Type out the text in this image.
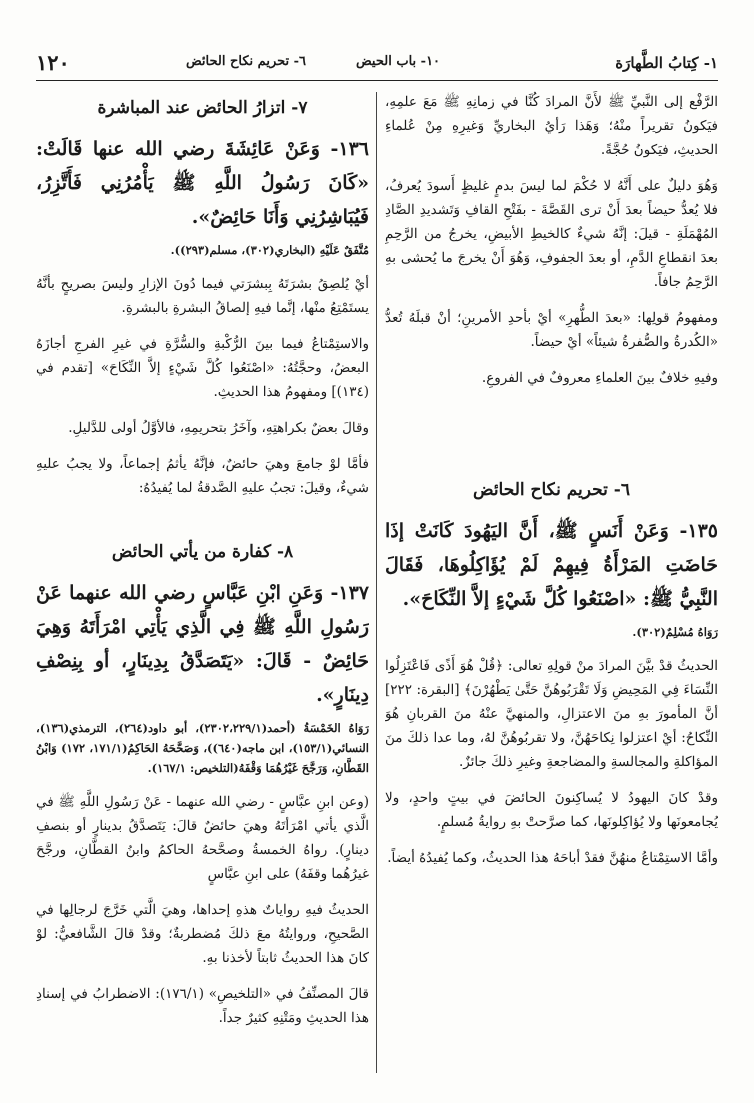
١- كِتابُ الطَّهارَة
١٠- باب الحيض
٦- تحريم نكاح الحائض
١٢٠

الرَّفْع إلى النَّبيِّ ﷺ لأَنَّ المرادَ كُنَّا في زمانِهِ ﷺ مَعَ علمِهِ، فيَكونُ تقريراً منْهُ؛ وَهَذا رَأيُ البخاريِّ وَغيرِهِ مِنْ عُلماءِ الحديثِ، فيَكونُ حُجَّةً.

وَهُوَ دليلٌ على أَنَّهُ لا حُكْمَ لما ليسَ بدمٍ غليظٍ أَسودَ يُعرفُ، فلا يُعدُّ حيضاً بعدَ أَنْ ترى القَصَّةَ - بفَتْحِ القافِ وَتَشديدِ الصَّادِ المُهْمَلَةِ - قيلَ: إنَّهُ شيءٌ كالخيطِ الأبيضِ، يخرجُ من الرَّحِمِ بعدَ انقطاعِ الدَّمِ، أو بعدَ الجفوفِ، وَهُوَ أَنْ يخرجَ ما يُحشى بهِ الرَّحِمُ جافاً.

ومفهومُ قولِها: «بعدَ الطُّهرِ» أيْ بأحدِ الأمرينِ؛ أنْ قبلَهُ تُعدُّ «الكُدرةُ والصُّفرةُ شيئاً» أيْ حيضاً.

وفيهِ خلافٌ بينَ العلماءِ معروفٌ في الفروعِ.

٦- تحريم نكاح الحائض

١٣٥- وَعَنْ أَنَسٍ ﷺ، أَنَّ اليَهُودَ كَانَتْ إذَا حَاضَتِ المَرْأَةُ فِيهِمْ لَمْ يُؤَاكِلُوهَا، فَقَالَ النَّبِيُّ ﷺ: «اصْنَعُوا كُلَّ شَيْءٍ إلاَّ النِّكَاحَ».

رَوَاهُ مُسْلِمٌ(٣٠٢).

الحديثُ قدْ بيَّنَ المرادَ منْ قولِهِ تعالى: ﴿قُلْ هُوَ أَذًى فَاعْتَزِلُوا النِّسَاءَ فِي المَحِيضِ وَلَا تَقْرَبُوهُنَّ حَتَّىٰ يَطْهُرْنَ﴾ [البقرة: ٢٢٢] أنَّ المأمورَ بهِ منَ الاعتزالِ، والمنهيَّ عنْهُ منَ القربانِ هُوَ النِّكاحُ: أيْ اعتزلوا نِكاحَهُنَّ، ولا تقربُوهُنَّ لهُ، وما عدا ذلكَ منَ المؤاكلةِ والمجالسةِ والمضاجعةِ وغيرِ ذلكَ جائزٌ.

وقدْ كانَ اليهودُ لا يُساكِنونَ الحائضَ في بيتٍ واحدٍ، ولا يُجامعونَها ولا يُؤاكِلونَها، كما صرَّحتْ بهِ روايةُ مُسلمٍ.

وأمَّا الاستِمْتاعُ منهُنَّ فقدْ أباحَهُ هذا الحديثُ، وكما يُفيدُهُ أيضاً.

٧- اتزارُ الحائض عند المباشرة

١٣٦- وَعَنْ عَائِشَةَ رضي الله عنها قَالَتْ: «كَانَ رَسُولُ اللَّهِ ﷺ يَأْمُرُنِي فَأَتَّزِرُ، فَيُبَاشِرُنِي وَأَنَا حَائِضٌ».

مُتَّفَقٌ عَلَيْهِ (البخاري(٣٠٢)، مسلم(٢٩٣)).

أيْ يُلصِقُ بشرَتَهُ بِبشرَتي فيما دُونَ الإزارِ وليسَ بصريحٍ بأنَّهُ يستَمْتِعُ منْها، إنَّما فيهِ إلصاقُ البشرةِ بالبشرةِ.

والاستِمْتاعُ فيما بينَ الرُّكْبةِ والسُّرَّةِ في غيرِ الفرجِ أجازَهُ البعضُ، وحجَّتُهُ: «اصْنَعُوا كُلَّ شَيْءٍ إلاَّ النِّكَاحَ» [تقدم في (١٣٤)] ومفهومُ هذا الحديثِ.

وقالَ بعضٌ بكراهتِهِ، وآخَرُ بتحريمِهِ، فالأوَّلُ أولى للدَّليلِ.

فأمَّا لوْ جامعَ وهيَ حائضٌ، فإنَّهُ يأثمُ إجماعاً، ولا يجبُ عليهِ شيءٌ، وقيلَ: تجبُ عليهِ الصَّدقةُ لما يُفيدُهُ:

٨- كفارة من يأتي الحائض

١٣٧- وَعَنِ ابْنِ عَبَّاسٍ رضي الله عنهما عَنْ رَسُولِ اللَّهِ ﷺ فِي الَّذِي يَأْتِي امْرَأَتَهُ وَهِيَ حَائِضٌ - قَالَ: «يَتَصَدَّقُ بِدِينَارٍ، أو بِنِصْفِ دِينَارٍ».

رَوَاهُ الخَمْسَةُ (أحمد(٢٣٠٢،٢٢٩/١)، أبو داود(٢٦٤)، الترمذي(١٣٦)، النسائي(١٥٣/١)، ابن ماجه(٦٤٠))، وَصَحَّحَهُ الحَاكِمُ(١٧١/١، ١٧٢) وَابْنُ القَطَّانِ، وَرَجَّحَ غَيْرُهُمَا وَقْفَهُ(التلخيص: ١٦٧/١).

(وعن ابنِ عبَّاسٍ - رضي الله عنهما - عَنْ رَسُولِ اللَّهِ ﷺ في الَّذي يأتي امْرَأتَهُ وهيَ حائضٌ قالَ: يَتَصدَّقُ بدينارٍ أو بنصفِ دينارٍ). رواهُ الخمسةُ وصحَّحهُ الحاكمُ وابنُ القطَّانِ، ورجَّحَ غيرُهُما وقفَهُ) على ابنِ عبَّاسٍ

الحديثُ فيهِ رواياتٌ هذهِ إحداها، وهيَ الَّتي خَرَّجَ لرجالِها في الصَّحيحِ، وروايتُهُ معَ ذلكَ مُضطربةٌ؛ وقدْ قالَ الشَّافعيُّ: لوْ كانَ هذا الحديثُ ثابتاً لأخذنا بهِ.

قالَ المصنِّفُ في «التلخيصِ» (١٧٦/١): الاضطرابُ في إسنادِ هذا الحديثِ ومَتْنِهِ كثيرٌ جداً.
